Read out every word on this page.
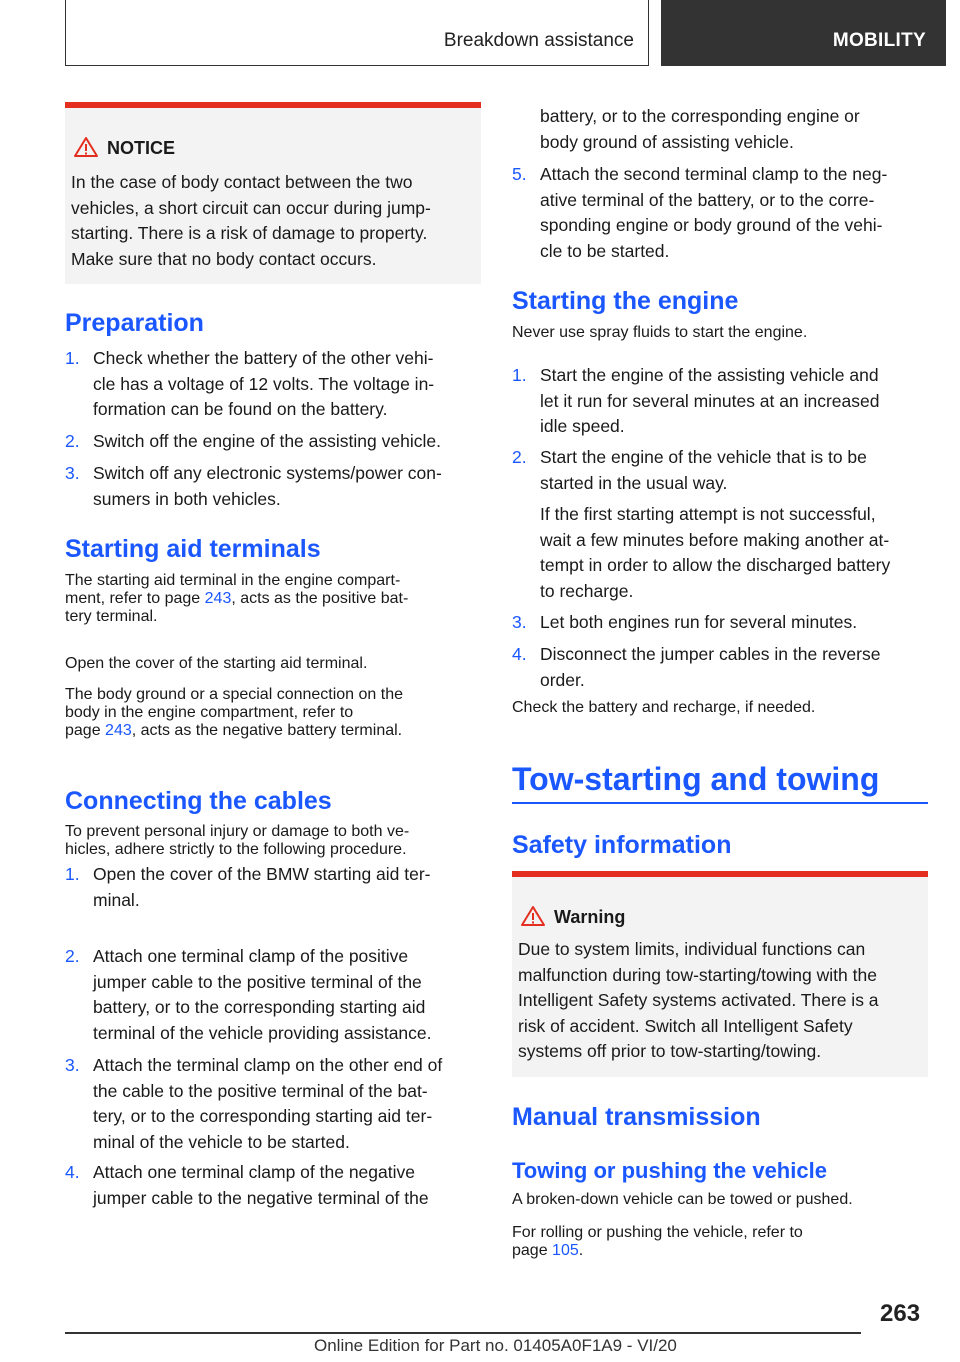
Breakdown assistance	MOBILITY
NOTICE
In the case of body contact between the two
vehicles, a short circuit can occur during jump-
starting. There is a risk of damage to property.
Make sure that no body contact occurs.
Preparation
1. Check whether the battery of the other vehi-
cle has a voltage of 12 volts. The voltage in-
formation can be found on the battery.
2. Switch off the engine of the assisting vehicle.
3. Switch off any electronic systems/power con-
sumers in both vehicles.
Starting aid terminals
The starting aid terminal in the engine compart-
ment, refer to page 243, acts as the positive bat-
tery terminal.
Open the cover of the starting aid terminal.
The body ground or a special connection on the
body in the engine compartment, refer to
page 243, acts as the negative battery terminal.
Connecting the cables
To prevent personal injury or damage to both ve-
hicles, adhere strictly to the following procedure.
1. Open the cover of the BMW starting aid ter-
minal.
2. Attach one terminal clamp of the positive
jumper cable to the positive terminal of the
battery, or to the corresponding starting aid
terminal of the vehicle providing assistance.
3. Attach the terminal clamp on the other end of
the cable to the positive terminal of the bat-
tery, or to the corresponding starting aid ter-
minal of the vehicle to be started.
4. Attach one terminal clamp of the negative
jumper cable to the negative terminal of the
battery, or to the corresponding engine or
body ground of assisting vehicle.
5. Attach the second terminal clamp to the neg-
ative terminal of the battery, or to the corre-
sponding engine or body ground of the vehi-
cle to be started.
Starting the engine
Never use spray fluids to start the engine.
1. Start the engine of the assisting vehicle and
let it run for several minutes at an increased
idle speed.
2. Start the engine of the vehicle that is to be
started in the usual way.
If the first starting attempt is not successful,
wait a few minutes before making another at-
tempt in order to allow the discharged battery
to recharge.
3. Let both engines run for several minutes.
4. Disconnect the jumper cables in the reverse
order.
Check the battery and recharge, if needed.
Tow-starting and towing
Safety information
Warning
Due to system limits, individual functions can
malfunction during tow-starting/towing with the
Intelligent Safety systems activated. There is a
risk of accident. Switch all Intelligent Safety
systems off prior to tow-starting/towing.
Manual transmission
Towing or pushing the vehicle
A broken-down vehicle can be towed or pushed.
For rolling or pushing the vehicle, refer to
page 105.
263
Online Edition for Part no. 01405A0F1A9 - VI/20
